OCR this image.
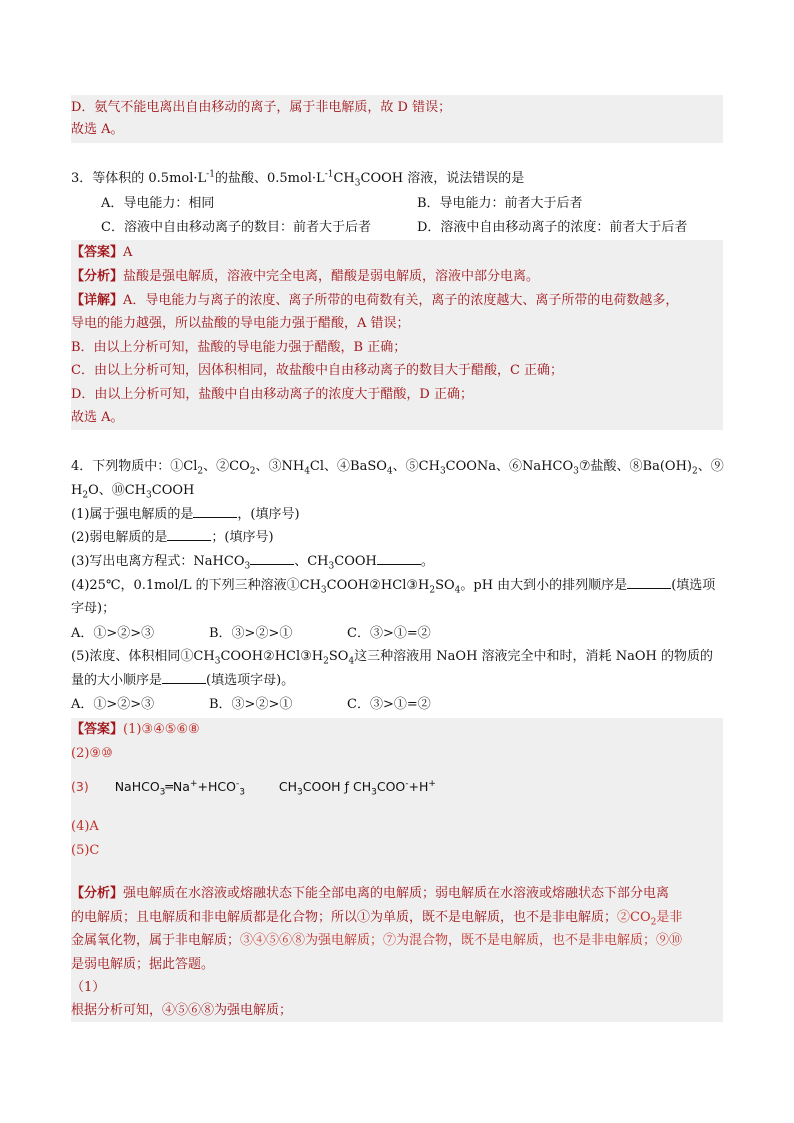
D．氨气不能电离出自由移动的离子，属于非电解质，故 D 错误；
故选 A。
3．等体积的 $0.5mol\cdot L^{-1}$的盐酸、$0.5mol\cdot L^{-1}CH_3COOH$ 溶液，说法错误的是
A．导电能力：相同	B．导电能力：前者大于后者
C．溶液中自由移动离子的数目：前者大于后者	D．溶液中自由移动离子的浓度：前者大于后者
【答案】A
【分析】盐酸是强电解质，溶液中完全电离，醋酸是弱电解质，溶液中部分电离。
【详解】A．导电能力与离子的浓度、离子所带的电荷数有关，离子的浓度越大、离子所带的电荷数越多，
导电的能力越强，所以盐酸的导电能力强于醋酸，A 错误；
B．由以上分析可知，盐酸的导电能力强于醋酸，B 正确；
C．由以上分析可知，因体积相同，故盐酸中自由移动离子的数目大于醋酸，C 正确；
D．由以上分析可知，盐酸中自由移动离子的浓度大于醋酸，D 正确；
故选 A。
4．下列物质中：$①Cl_2$、$②CO_2$、$③NH_4Cl$、④BaSO$_4$、$⑤CH_3COONa$、⑥NaHCO$_3$⑦盐酸、$⑧Ba(OH)_2$、⑨
$H_2O$、$⑩CH_3COOH$
(1)属于强电解质的是	，(填序号)
(2)弱电解质的是	；(填序号)
(3)写出电离方程式：NaHCO$_3$	、$CH_3COOH$	。
(4)25℃，0.1mol/L 的下列三种溶液$①CH_3COOH②HCl③H_2SO_4$。pH 由大到小的排列顺序是	(填选项
字母)；
A．①>②>③	B．③>②>①	C．③>①=②
(5)浓度、体积相同$①CH_3COOH②HCl③H_2SO_4$这三种溶液用 NaOH 溶液完全中和时，消耗 NaOH 的物质的
量的大小顺序是	(填选项字母)。
A．①>②>③	B．③>②>①	C．③>①=②
【答案】(1)③④⑤⑥⑧
(2)⑨⑩
(3) $NaHCO_3═Na^++HCO^-_3$	$CH_3COOH$ ƒ $CH_3COO^-+H^+$
(4)A
(5)C
【分析】强电解质在水溶液或熔融状态下能全部电离的电解质；弱电解质在水溶液或熔融状态下部分电离
的电解质；且电解质和非电解质都是化合物；所以①为单质，既不是电解质，也不是非电解质；$②CO_2$是非
金属氧化物，属于非电解质；③④⑤⑥⑧为强电解质；⑦为混合物，既不是电解质，也不是非电解质；⑨⑩
是弱电解质；据此答题。
（1）
根据分析可知，④⑤⑥⑧为强电解质；
